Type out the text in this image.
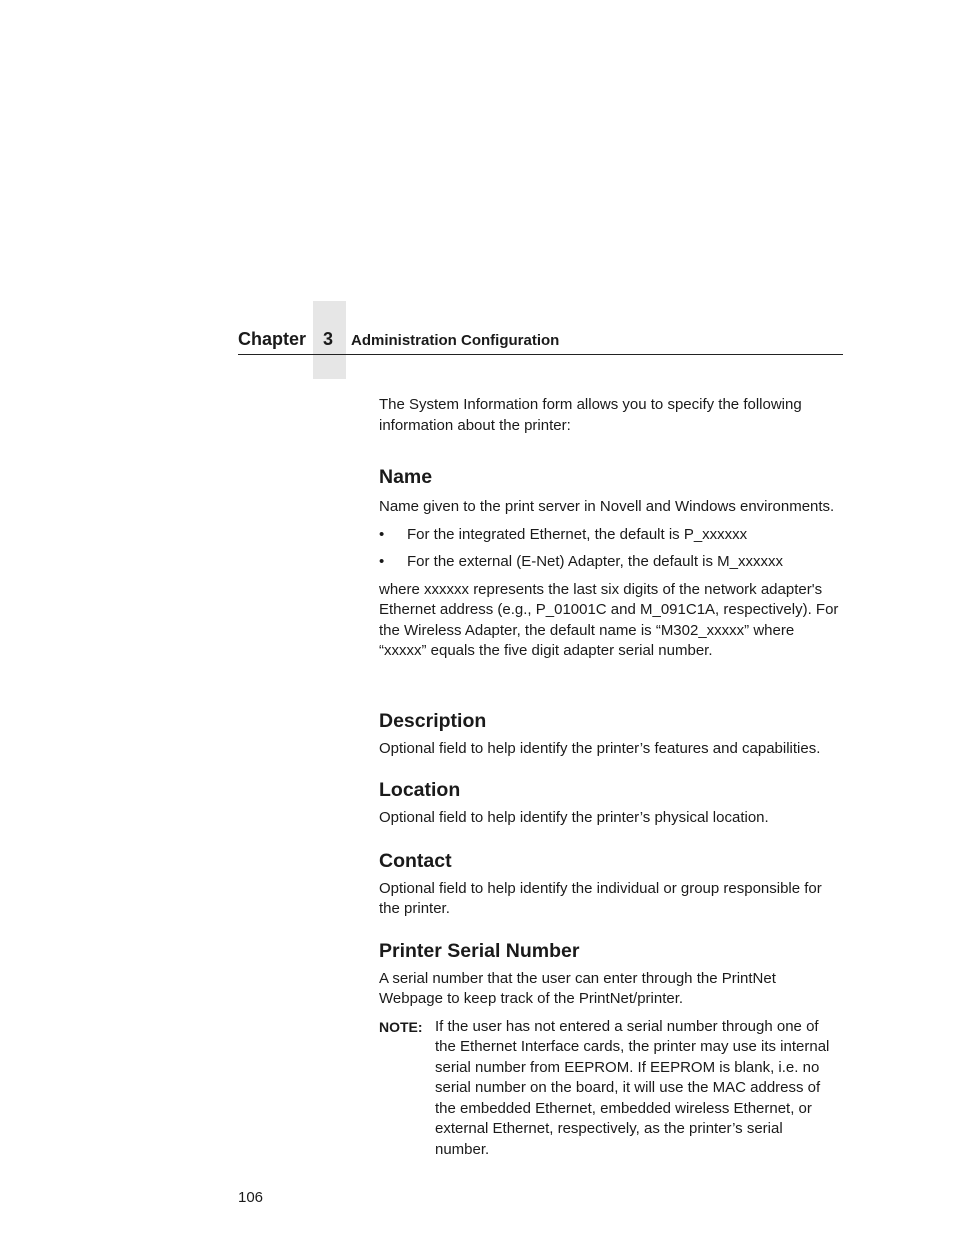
Chapter 3	Administration Configuration

The System Information form allows you to specify the following information about the printer:

Name

Name given to the print server in Novell and Windows environments.

• For the integrated Ethernet, the default is P_xxxxxx
• For the external (E-Net) Adapter, the default is M_xxxxxx

where xxxxxx represents the last six digits of the network adapter's Ethernet address (e.g., P_01001C and M_091C1A, respectively). For the Wireless Adapter, the default name is “M302_xxxxx” where “xxxxx” equals the five digit adapter serial number.

Description

Optional field to help identify the printer’s features and capabilities.

Location

Optional field to help identify the printer’s physical location.

Contact

Optional field to help identify the individual or group responsible for the printer.

Printer Serial Number

A serial number that the user can enter through the PrintNet Webpage to keep track of the PrintNet/printer.

NOTE: If the user has not entered a serial number through one of the Ethernet Interface cards, the printer may use its internal serial number from EEPROM. If EEPROM is blank, i.e. no serial number on the board, it will use the MAC address of the embedded Ethernet, embedded wireless Ethernet, or external Ethernet, respectively, as the printer’s serial number.
106
